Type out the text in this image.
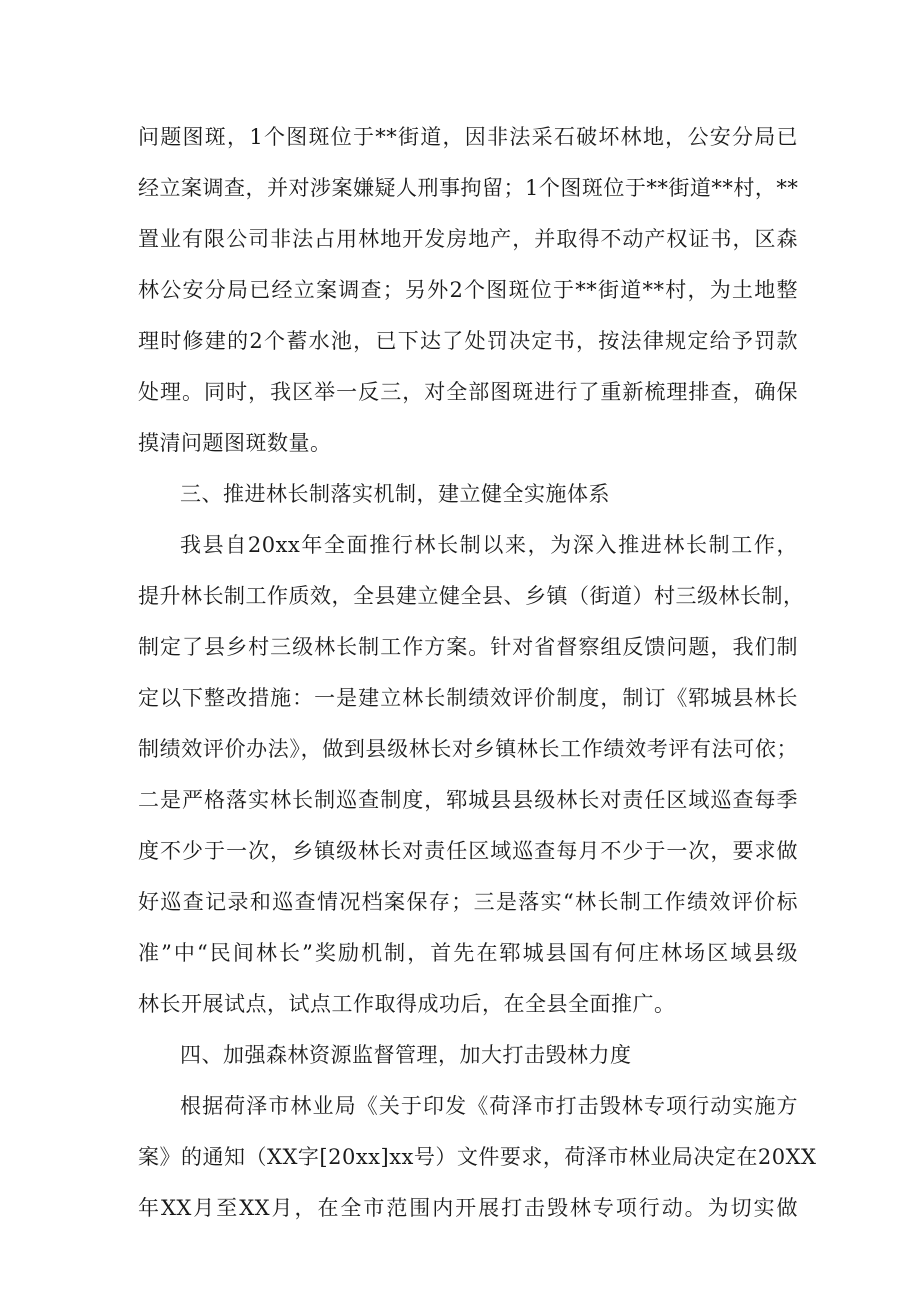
问题图斑，1个图斑位于**街道，因非法采石破坏林地，公安分局已
经立案调查，并对涉案嫌疑人刑事拘留；1个图斑位于**街道**村，**
置业有限公司非法占用林地开发房地产，并取得不动产权证书，区森
林公安分局已经立案调查；另外2个图斑位于**街道**村，为土地整
理时修建的2个蓄水池，已下达了处罚决定书，按法律规定给予罚款
处理。同时，我区举一反三，对全部图斑进行了重新梳理排查，确保
摸清问题图斑数量。
三、推进林长制落实机制，建立健全实施体系
我县自20xx年全面推行林长制以来，为深入推进林长制工作，
提升林长制工作质效，全县建立健全县、乡镇（街道）村三级林长制，
制定了县乡村三级林长制工作方案。针对省督察组反馈问题，我们制
定以下整改措施：一是建立林长制绩效评价制度，制订《郓城县林长
制绩效评价办法》，做到县级林长对乡镇林长工作绩效考评有法可依；
二是严格落实林长制巡查制度，郓城县县级林长对责任区域巡查每季
度不少于一次，乡镇级林长对责任区域巡查每月不少于一次，要求做
好巡查记录和巡查情况档案保存；三是落实“林长制工作绩效评价标
准”中“民间林长”奖励机制，首先在郓城县国有何庄林场区域县级
林长开展试点，试点工作取得成功后，在全县全面推广。
四、加强森林资源监督管理，加大打击毁林力度
根据荷泽市林业局《关于印发《荷泽市打击毁林专项行动实施方
案》的通知（XX字[20xx]xx号）文件要求，荷泽市林业局决定在20XX
年XX月至XX月，在全市范围内开展打击毁林专项行动。为切实做
